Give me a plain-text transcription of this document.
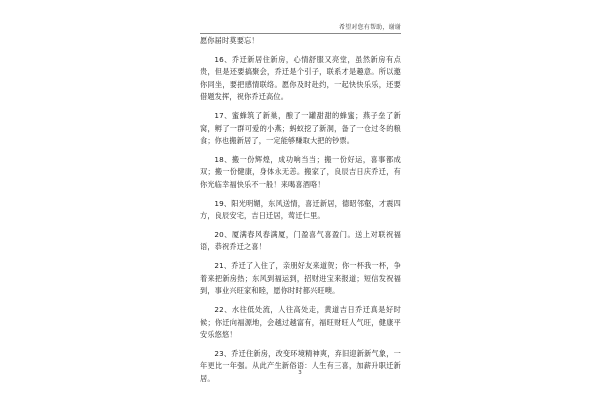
希望对您有帮助，谢谢

愿你届时莫要忘！

16、乔迁新居住新房，心情舒服又亮堂，虽然新房有点贵，但是还要搞聚会，乔迁是个引子，联系才是趣意。所以邀你同坐，要把感情联络。愿你及时赴约，一起快快乐乐，还要借题发挥，祝你乔迁高位。

17、蜜蜂筑了新巢，酿了一罐甜甜的蜂蜜；燕子垒了新窝，孵了一群可爱的小燕；蚂蚁挖了新洞，备了一仓过冬的粮食；你也搬新居了，一定能够赚取大把的钞票。

18、搬一份辉煌，成功响当当；搬一份好运，喜事都成双；搬一份健康，身体永无恙。搬家了，良辰吉日庆乔迁，有你光临幸福快乐不一般！来喝喜酒咯！

19、阳光明媚，东风送情，喜迁新居，德昭邻壑，才震四方，良辰安宅，吉日迁居，莺迁仁里。

20、厦满春风春满厦，门盈喜气喜盈门。送上对联祝福语，恭祝乔迁之喜！

21、乔迁了入住了，亲朋好友来道贺；你一杯我一杯，争着来把新房热；东风到福运到，招财进宝来报道；短信发祝福到，事业兴旺家和睦，愿你时时都兴旺噢。

22、水往低处流，人往高处走，黄道吉日乔迁真是好时候；你迁向福源地，会越过越富有，福旺财旺人气旺，健康平安乐悠悠！

23、乔迁住新房，改变环境精神爽，弃旧迎新新气象，一年更比一年强。从此产生新俗语：人生有三喜，加薪升职迁新居。

3
